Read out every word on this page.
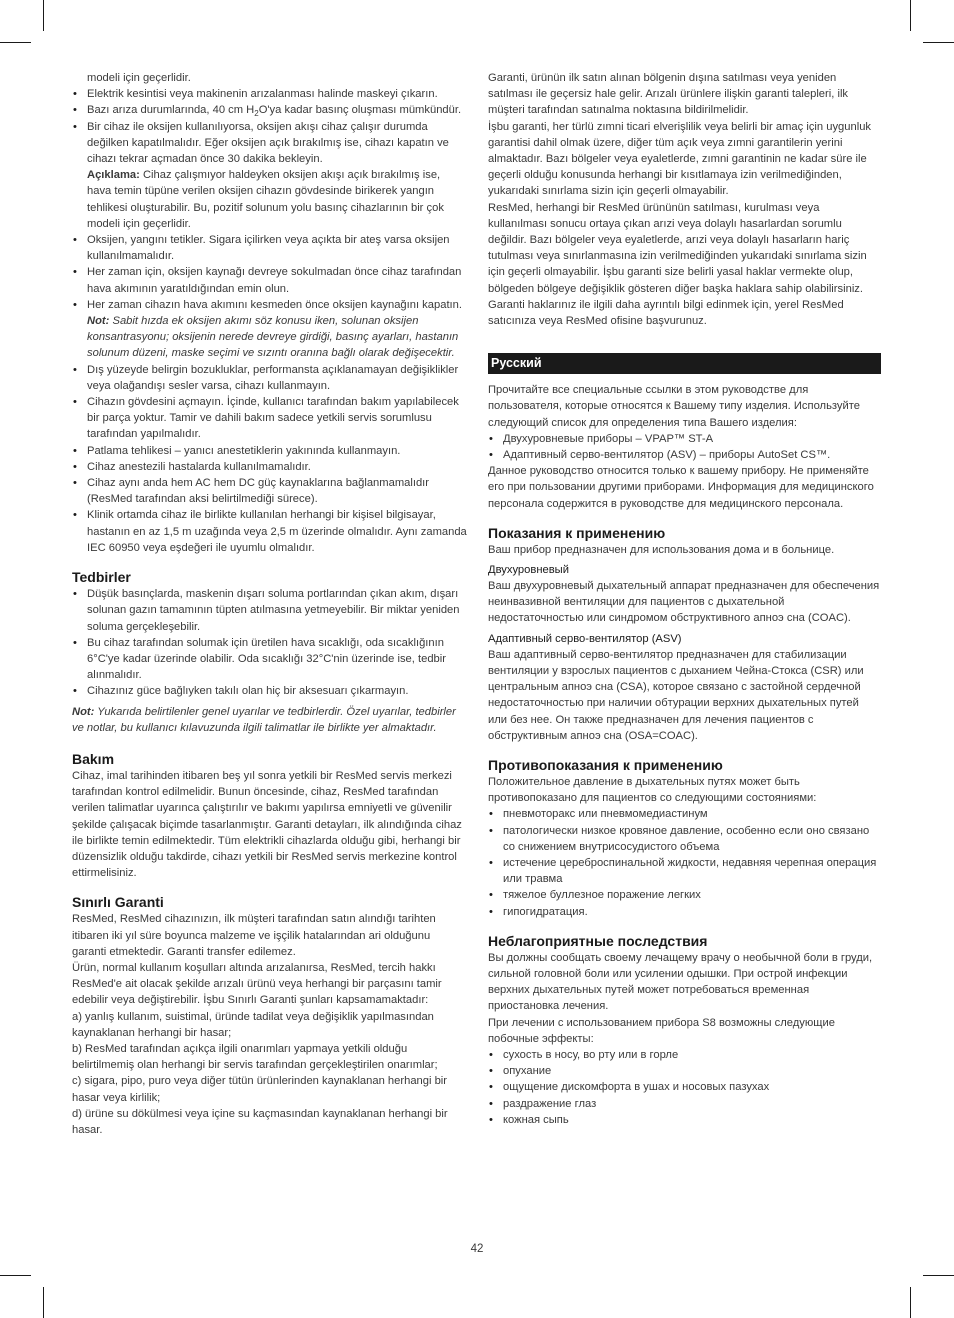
modeli için geçerlidir.

• Elektrik kesintisi veya makinenin arızalanması halinde maskeyi çıkarın.
• Bazı arıza durumlarında, 40 cm $H_2O'ya$ kadar basınç oluşması mümkündür.
• Bir cihaz ile oksijen kullanılıyorsa, oksijen akışı cihaz çalışır durumda değilken kapatılmalıdır. Eğer oksijen açık bırakılmış ise, cihazı kapatın ve cihazı tekrar açmadan önce 30 dakika bekleyin.

Açıklama: Cihaz çalışmıyor haldeyken oksijen akışı açık bırakılmış ise, hava temin tüpüne verilen oksijen cihazın gövdesinde birikerek yangın tehlikesi oluşturabilir. Bu, pozitif solunum yolu basınç cihazlarının bir çok modeli için geçerlidir.

• Oksijen, yangını tetikler. Sigara içilirken veya açıkta bir ateş varsa oksijen kullanılmamalıdır.
• Her zaman için, oksijen kaynağı devreye sokulmadan önce cihaz tarafından hava akımının yaratıldığından emin olun.
• Her zaman cihazın hava akımını kesmeden önce oksijen kaynağını kapatın.

Not: Sabit hızda ek oksijen akımı söz konusu iken, solunan oksijen konsantrasyonu; oksijenin nerede devreye girdiği, basınç ayarları, hastanın solunum düzeni, maske seçimi ve sızıntı oranına bağlı olarak değişecektir.

• Dış yüzeyde belirgin bozukluklar, performansta açıklanamayan değişiklikler veya olağandışı sesler varsa, cihazı kullanmayın.
• Cihazın gövdesini açmayın. İçinde, kullanıcı tarafından bakım yapılabilecek bir parça yoktur. Tamir ve dahili bakım sadece yetkili servis sorumlusu tarafından yapılmalıdır.
• Patlama tehlikesi – yanıcı anestetiklerin yakınında kullanmayın.
• Cihaz anestezili hastalarda kullanılmamalıdır.
• Cihaz aynı anda hem AC hem DC güç kaynaklarına bağlanmamalıdır (ResMed tarafından aksi belirtilmediği sürece).
• Klinik ortamda cihaz ile birlikte kullanılan herhangi bir kişisel bilgisayar, hastanın en az 1,5 m uzağında veya 2,5 m üzerinde olmalıdır. Aynı zamanda IEC 60950 veya eşdeğeri ile uyumlu olmalıdır.
Tedbirler
• Düşük basınçlarda, maskenin dışarı soluma portlarından çıkan akım, dışarı solunan gazın tamamının tüpten atılmasına yetmeyebilir. Bir miktar yeniden soluma gerçekleşebilir.
• Bu cihaz tarafından solumak için üretilen hava sıcaklığı, oda sıcaklığının 6°C'ye kadar üzerinde olabilir. Oda sıcaklığı 32°C'nin üzerinde ise, tedbir alınmalıdır.
• Cihazınız güce bağlıyken takılı olan hiç bir aksesuarı çıkarmayın.

Not: Yukarıda belirtilenler genel uyarılar ve tedbirlerdir. Özel uyarılar, tedbirler ve notlar, bu kullanıcı kılavuzunda ilgili talimatlar ile birlikte yer almaktadır.

Bakım

Cihaz, imal tarihinden itibaren beş yıl sonra yetkili bir ResMed servis merkezi tarafından kontrol edilmelidir. Bunun öncesinde, cihaz, ResMed tarafından verilen talimatlar uyarınca çalıştırılır ve bakımı yapılırsa emniyetli ve güvenilir şekilde çalışacak biçimde tasarlanmıştır. Garanti detayları, ilk alındığında cihaz ile birlikte temin edilmektedir. Tüm elektrikli cihazlarda olduğu gibi, herhangi bir düzensizlik olduğu takdirde, cihazı yetkili bir ResMed servis merkezine kontrol ettirmelisiniz.

Sınırlı Garanti

ResMed, ResMed cihazınızın, ilk müşteri tarafından satın alındığı tarihten itibaren iki yıl süre boyunca malzeme ve işçilik hatalarından ari olduğunu garanti etmektedir. Garanti transfer edilemez.

Ürün, normal kullanım koşulları altında arızalanırsa, ResMed, tercih hakkı ResMed'e ait olacak şekilde arızalı ürünü veya herhangi bir parçasını tamir edebilir veya değiştirebilir. İşbu Sınırlı Garanti şunları kapsamamaktadır:

a) yanlış kullanım, suistimal, üründe tadilat veya değişiklik yapılmasından kaynaklanan herhangi bir hasar;

b) ResMed tarafından açıkça ilgili onarımları yapmaya yetkili olduğu belirtilmemiş olan herhangi bir servis tarafından gerçekleştirilen onarımlar;

c) sigara, pipo, puro veya diğer tütün ürünlerinden kaynaklanan herhangi bir hasar veya kirlilik;

d) ürüne su dökülmesi veya içine su kaçmasından kaynaklanan herhangi bir hasar.

Garanti, ürünün ilk satın alınan bölgenin dışına satılması veya yeniden satılması ile geçersiz hale gelir. Arızalı ürünlere ilişkin garanti talepleri, ilk müşteri tarafından satınalma noktasına bildirilmelidir.

İşbu garanti, her türlü zımni ticari elverişlilik veya belirli bir amaç için uygunluk garantisi dahil olmak üzere, diğer tüm açık veya zımni garantilerin yerini almaktadır. Bazı bölgeler veya eyaletlerde, zımni garantinin ne kadar süre ile geçerli olduğu konusunda herhangi bir kısıtlamaya izin verilmediğinden, yukarıdaki sınırlama sizin için geçerli olmayabilir.

ResMed, herhangi bir ResMed ürününün satılması, kurulması veya kullanılması sonucu ortaya çıkan arızi veya dolaylı hasarlardan sorumlu değildir. Bazı bölgeler veya eyaletlerde, arızi veya dolaylı hasarların hariç tutulması veya sınırlanmasına izin verilmediğinden yukarıdaki sınırlama sizin için geçerli olmayabilir. İşbu garanti size belirli yasal haklar vermekte olup, bölgeden bölgeye değişiklik gösteren diğer başka haklara sahip olabilirsiniz.

Garanti haklarınız ile ilgili daha ayrıntılı bilgi edinmek için, yerel ResMed satıcınıza veya ResMed ofisine başvurunuz.

Русский

Прочитайте все специальные ссылки в этом руководстве для пользователя, которые относятся к Вашему типу изделия. Используйте следующий список для определения типа Вашего изделия:

• Двухуровневые приборы – VPAP™ ST-A
• Адаптивный серво-вентилятор (ASV) – приборы AutoSet CS™.

Данное руководство относится только к вашему прибору. Не применяйте его при пользовании другими приборами. Информация для медицинского персонала содержится в руководстве для медицинского персонала.

Показания к применению

Ваш прибор предназначен для использования дома и в больнице.

Двухуровневый

Ваш двухуровневый дыхательный аппарат предназначен для обеспечения неинвазивной вентиляции для пациентов с дыхательной недостаточностью или синдромом обструктивного апноэ сна (COAC).

Адаптивный серво-вентилятор (ASV)

Ваш адаптивный серво-вентилятор предназначен для стабилизации вентиляции у взрослых пациентов с дыханием Чейна-Стокса (CSR) или центральным апноэ сна (CSA), которое связано с застойной сердечной недостаточностью при наличии обтурации верхних дыхательных путей или без нее. Он также предназначен для лечения пациентов с обструктивным апноэ сна (OSA=COAC).

Противопоказания к применению

Положительное давление в дыхательных путях может быть противопоказано для пациентов со следующими состояниями:

• пневмоторакс или пневмомедиастинум
• патологически низкое кровяное давление, особенно если оно связано со снижением внутрисосудистого объема
• истечение цереброспинальной жидкости, недавняя черепная операция или травма
• тяжелое буллезное поражение легких
• гипогидратация.
Неблагоприятные последствия

Вы должны сообщать своему лечащему врачу о необычной боли в груди, сильной головной боли или усилении одышки. При острой инфекции верхних дыхательных путей может потребоваться временная приостановка лечения.

При лечении с использованием прибора S8 возможны следующие побочные эффекты:

• сухость в носу, во рту или в горле
• опухание
• ощущение дискомфорта в ушах и носовых пазухах
• раздражение глаз
• кожная сыпь
42
